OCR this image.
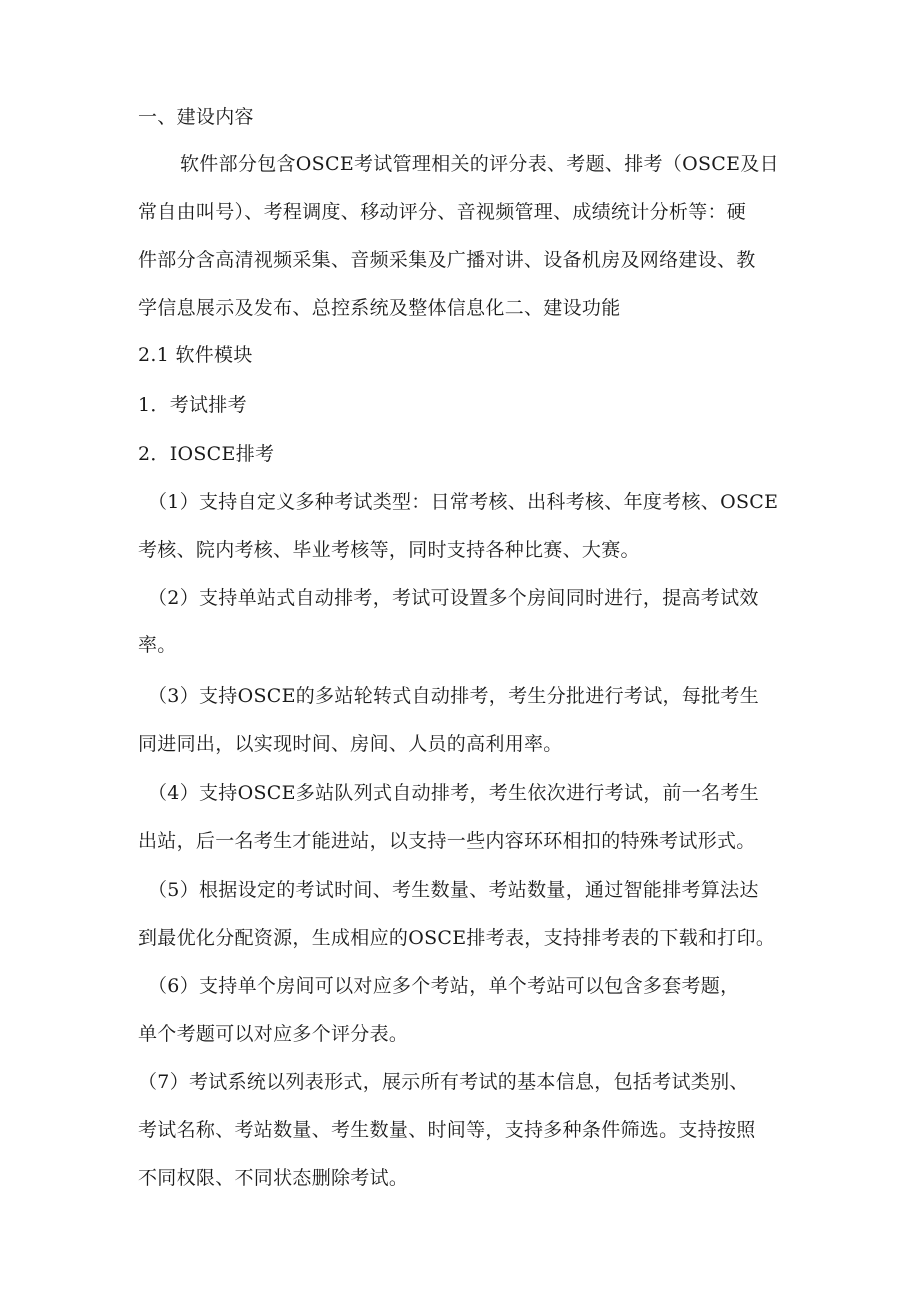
一、建设内容
软件部分包含OSCE考试管理相关的评分表、考题、排考（OSCE及日
常自由叫号）、考程调度、移动评分、音视频管理、成绩统计分析等：硬
件部分含高清视频采集、音频采集及广播对讲、设备机房及网络建设、教
学信息展示及发布、总控系统及整体信息化二、建设功能
2.1 软件模块
1．考试排考
2．IOSCE排考
（1）支持自定义多种考试类型：日常考核、出科考核、年度考核、OSCE
考核、院内考核、毕业考核等，同时支持各种比赛、大赛。
（2）支持单站式自动排考，考试可设置多个房间同时进行，提高考试效
率。
（3）支持OSCE的多站轮转式自动排考，考生分批进行考试，每批考生
同进同出，以实现时间、房间、人员的高利用率。
（4）支持OSCE多站队列式自动排考，考生依次进行考试，前一名考生
出站，后一名考生才能进站，以支持一些内容环环相扣的特殊考试形式。
（5）根据设定的考试时间、考生数量、考站数量，通过智能排考算法达
到最优化分配资源，生成相应的OSCE排考表，支持排考表的下载和打印。
（6）支持单个房间可以对应多个考站，单个考站可以包含多套考题，
单个考题可以对应多个评分表。
（7）考试系统以列表形式，展示所有考试的基本信息，包括考试类别、
考试名称、考站数量、考生数量、时间等，支持多种条件筛选。支持按照
不同权限、不同状态删除考试。
